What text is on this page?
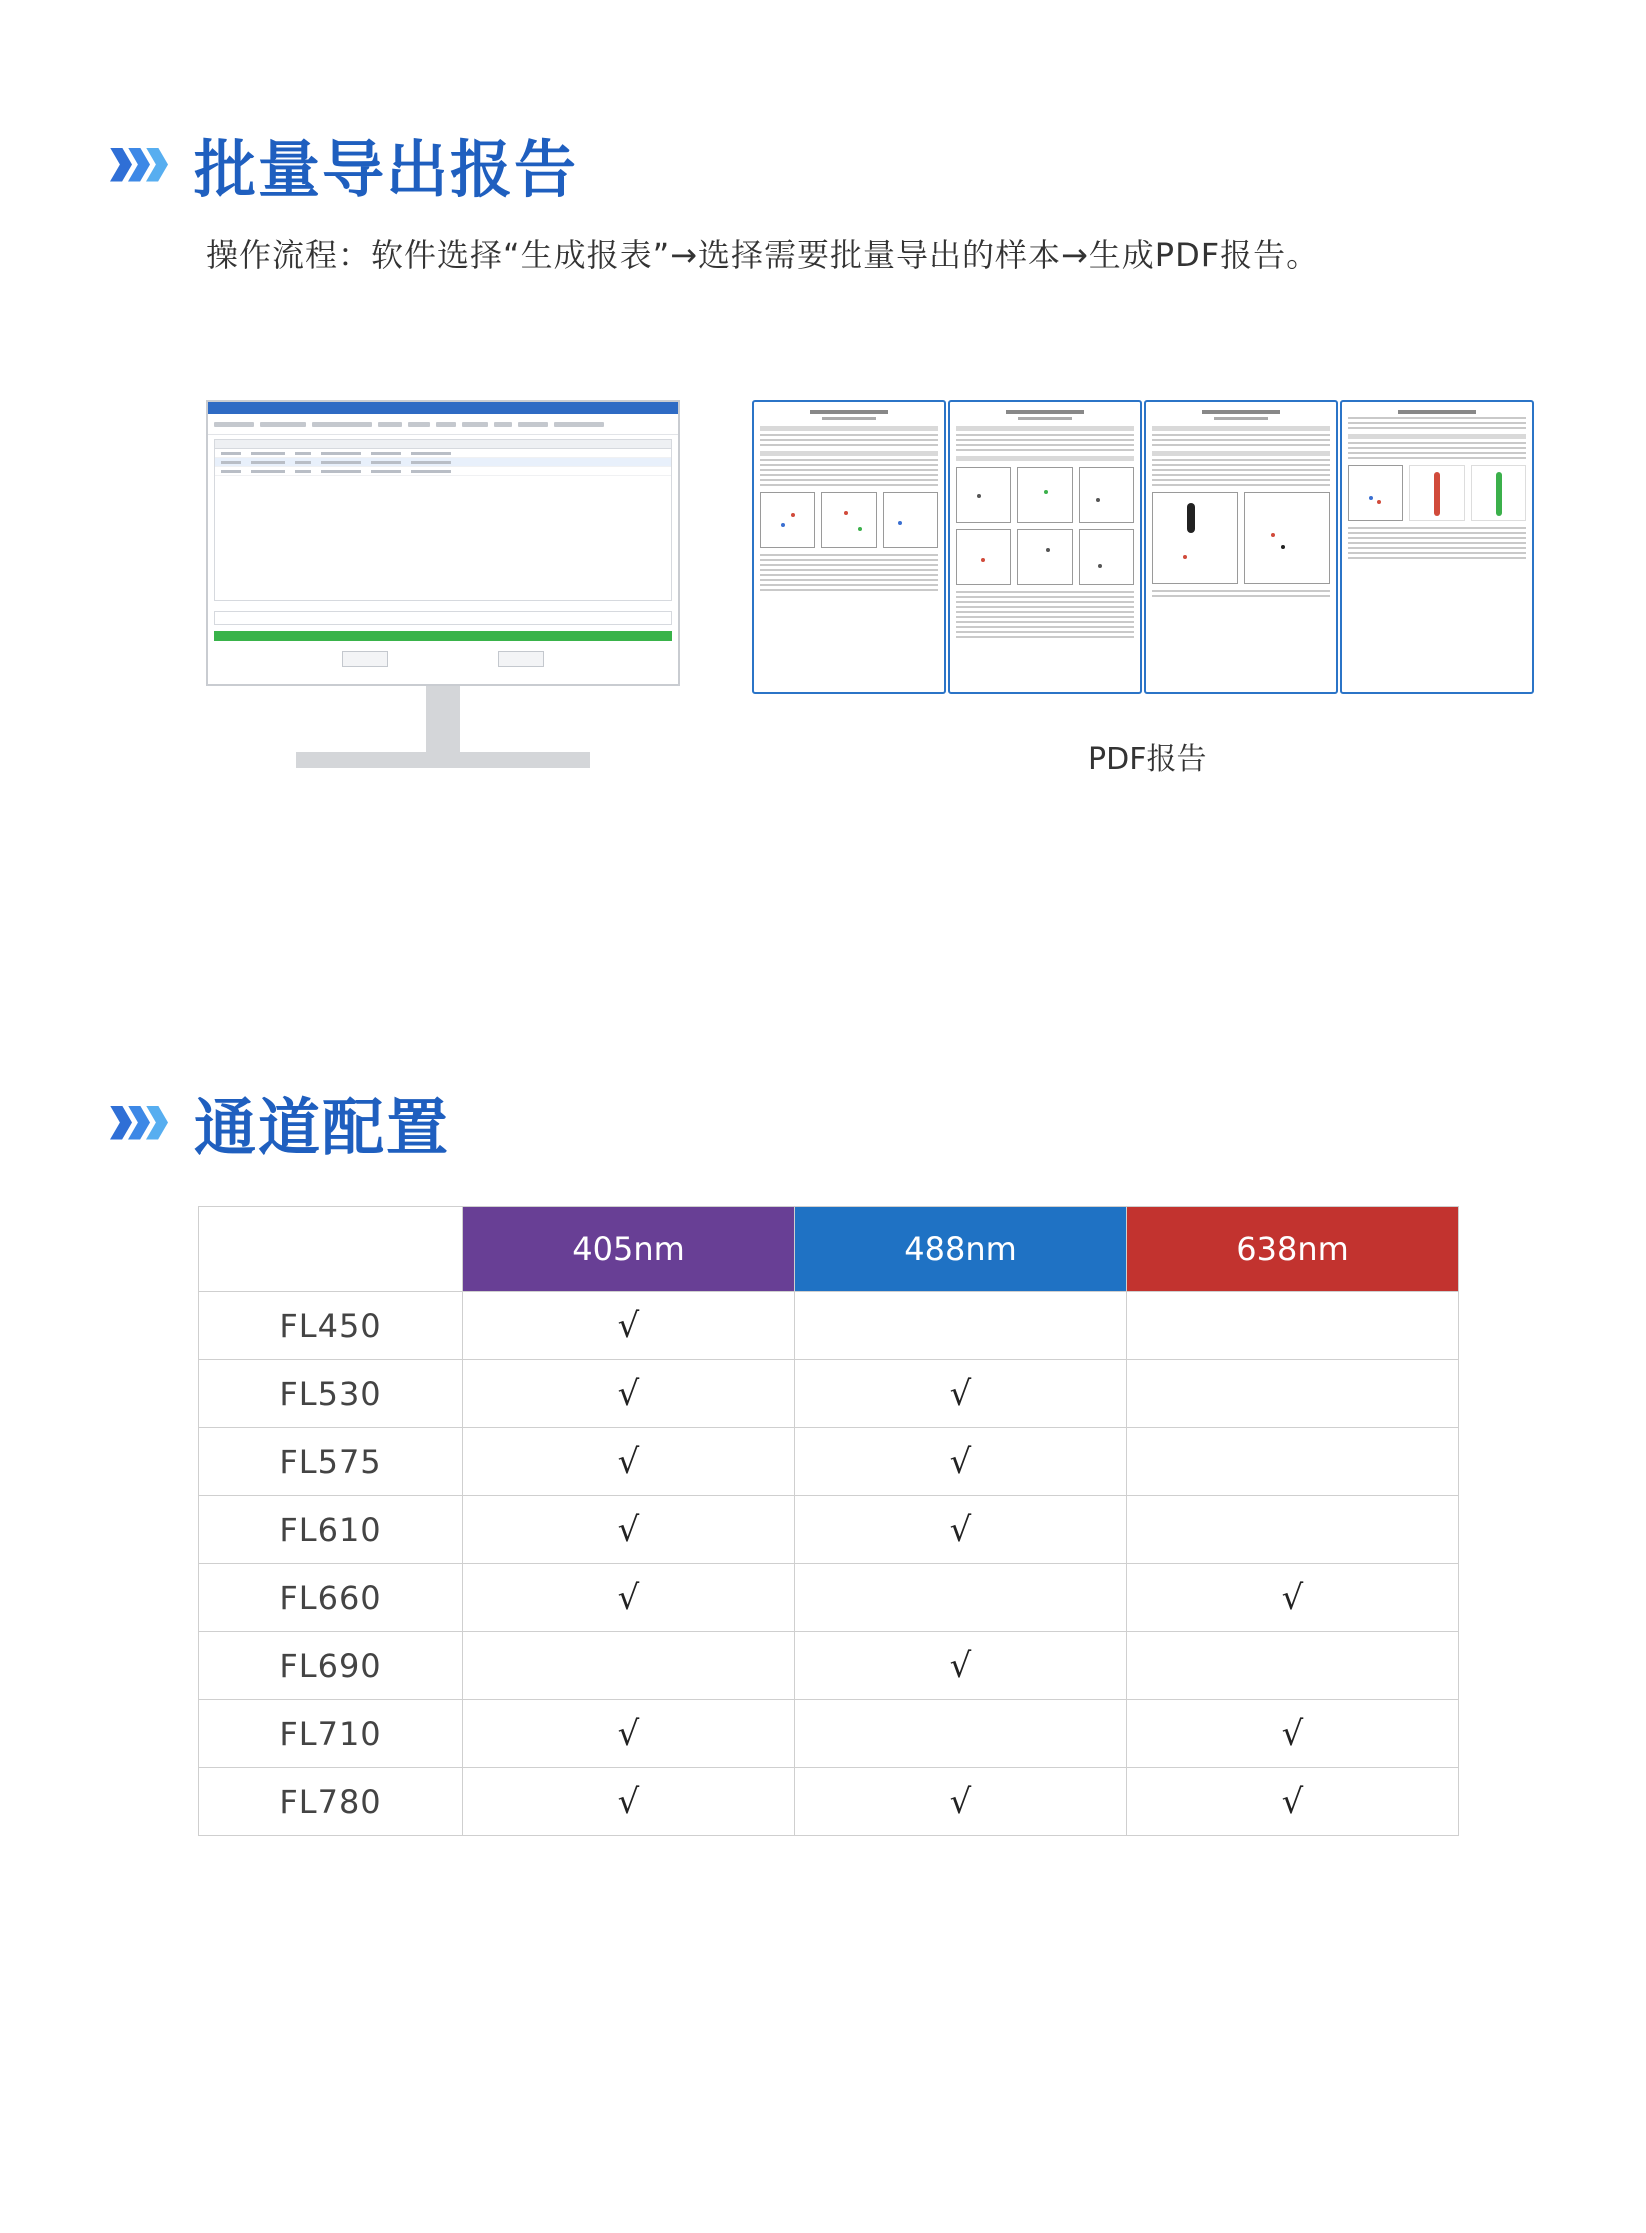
批量导出报告
操作流程：软件选择“生成报表”→选择需要批量导出的样本→生成PDF报告。
PDF报告
通道配置
	405nm	488nm	638nm
FL450	√		
FL530	√	√	
FL575	√	√	
FL610	√	√	
FL660	√		√
FL690		√	
FL710	√		√
FL780	√	√	√
